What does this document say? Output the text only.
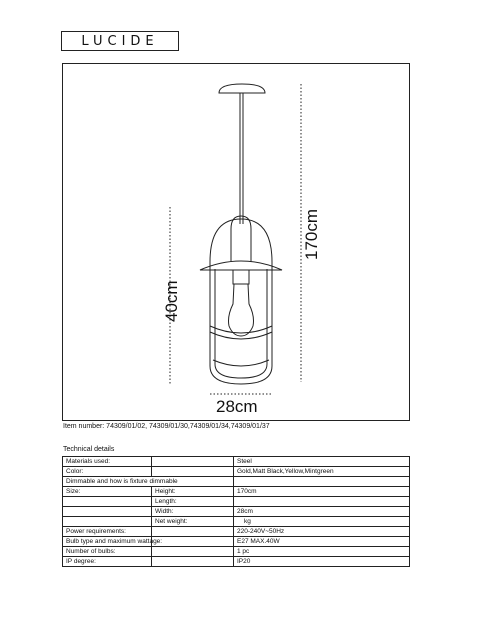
LUCIDE
170cm
40cm
28cm
Item number: 74309/01/02, 74309/01/30,74309/01/34,74309/01/37
Technical details
Materials used:		Steel
Color:		Gold,Matt Black,Yellow,Mintgreen
Dimmable and how is fixture dimmable		
Size:	Height:	170cm
	Length:	
	Width:	28cm
	Net weight:	kg
Power requirements:		220-240V~50Hz
Bulb type and maximum wattage:		E27 MAX.40W
Number of bulbs:		1 pc
IP degree:		IP20
